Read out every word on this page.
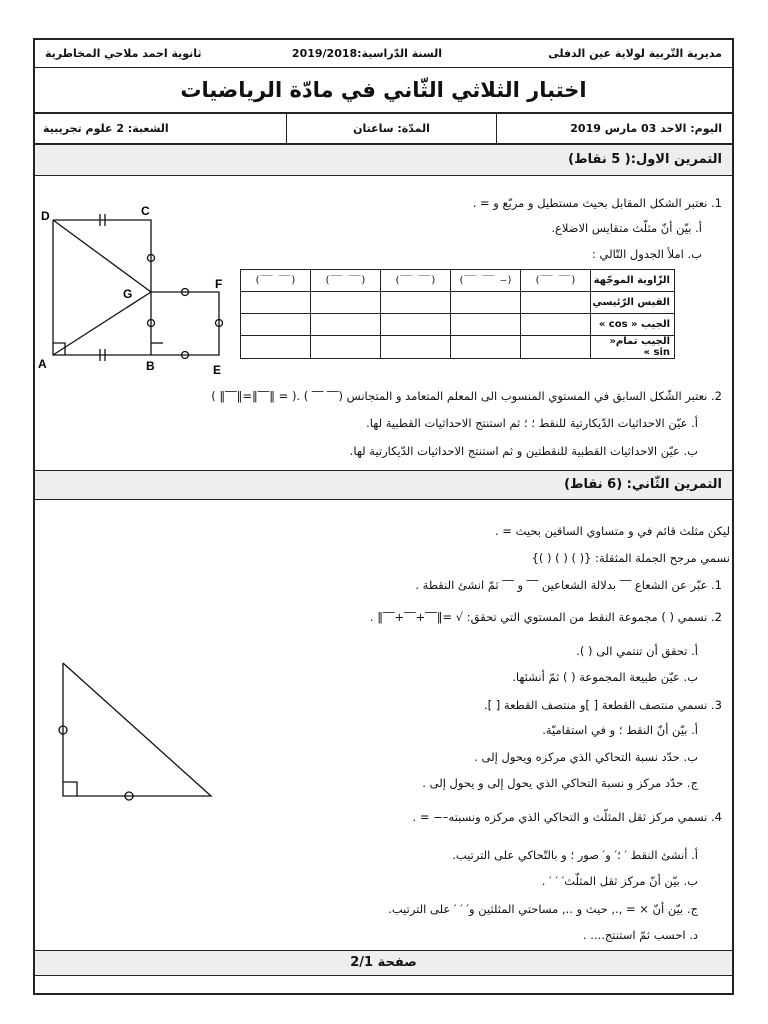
مديرية التّربية لولاية عين الدفلى
السنة الدّراسية:2019/2018
ثانوية احمد ملاحي المخاطرية
اختبار الثلاثي الثّاني في مادّة الرياضيات
اليوم: الاحد 03 مارس 2019
المدّة: ساعتان
الشعبة: 2 علوم تجريبية
التمرين الاول:( 5 نقاط)
1. نعتبر الشكل المقابل بحيث مستطيل و مربّع و = .
أ. بيّن أنّ مثلّث متقايس الاضلاع.
ب. املأ الجدول التّالي :
الزّاوية الموجّهة	(‾‾ ‾‾)	(– ‾‾ ‾‾)	(‾‾ ‾‾)	(‾‾ ‾‾)	(‾‾ ‾‾)
القيس الرّئيسي					
الجيب « cos »					
الجيب تمام« sin »					
D	C
G
F
A	B	E
2. نعتبر الشّكل السابق في المستوي المنسوب الى المعلم المتعامد و المتجانس (‾‾ ‾‾ ) .( = ‖‾‾‖=‖‾‾‖ )
أ. عيّن الاحداثيات الدّيكارتية للنقط ؛ ؛ ثم استنتج الاحداثيات القطبية لها.
ب. عيّن الاحداثيات القطبية للنقطتين و ثم استنتج الاحداثيات الدّيكارتية لها.
التمرين الثّاني: (6 نقاط)
ليكن مثلث قائم في و متساوي الساقين بحيث = .
نسمي مرجح الجملة المثقلة: {( ) ( ) ( )}
1. عبّر عن الشعاع ‾‾ بدلالة الشعاعين ‾‾ و ‾‾ ثمّ انشئ النقطة .
2. نسمي ( ) مجموعة النقط من المستوي التي تحقق: √ =‖‾‾+‾‾+‾‾‖ .
أ. تحقق أن تنتمي الى ( ).
ب. عيّن طبيعة المجموعة ( ) ثمّ أنشئها.
3. نسمي منتصف القطعة [ ]و منتصف القطعة [ ].
أ. بيّن أنّ النقط ؛ و في استقاميّة.
ب. حدّد نسبة التحاكي الذي مركزه ويحول إلى .
ج. حدّد مركز و نسبة التحاكي الذي يحول إلى و يحول إلى .
4. نسمي مركز ثقل المثلّث و التحاكي الذي مركزه ونسبته–− = .
أ. أنشئ النقط ′ ؛′ و′ صور ؛ و بالتّحاكي على الترتيب.
ب. بيّن أنّ مركز ثقل المثلّث′ ′ ′ .
ج. بيّن أنّ × = ,., حيث و .., مساحتي المثلثين و′ ′ ′ على الترتيب.
د. احسب ثمّ استنتج.... .
صفحة 2/1
